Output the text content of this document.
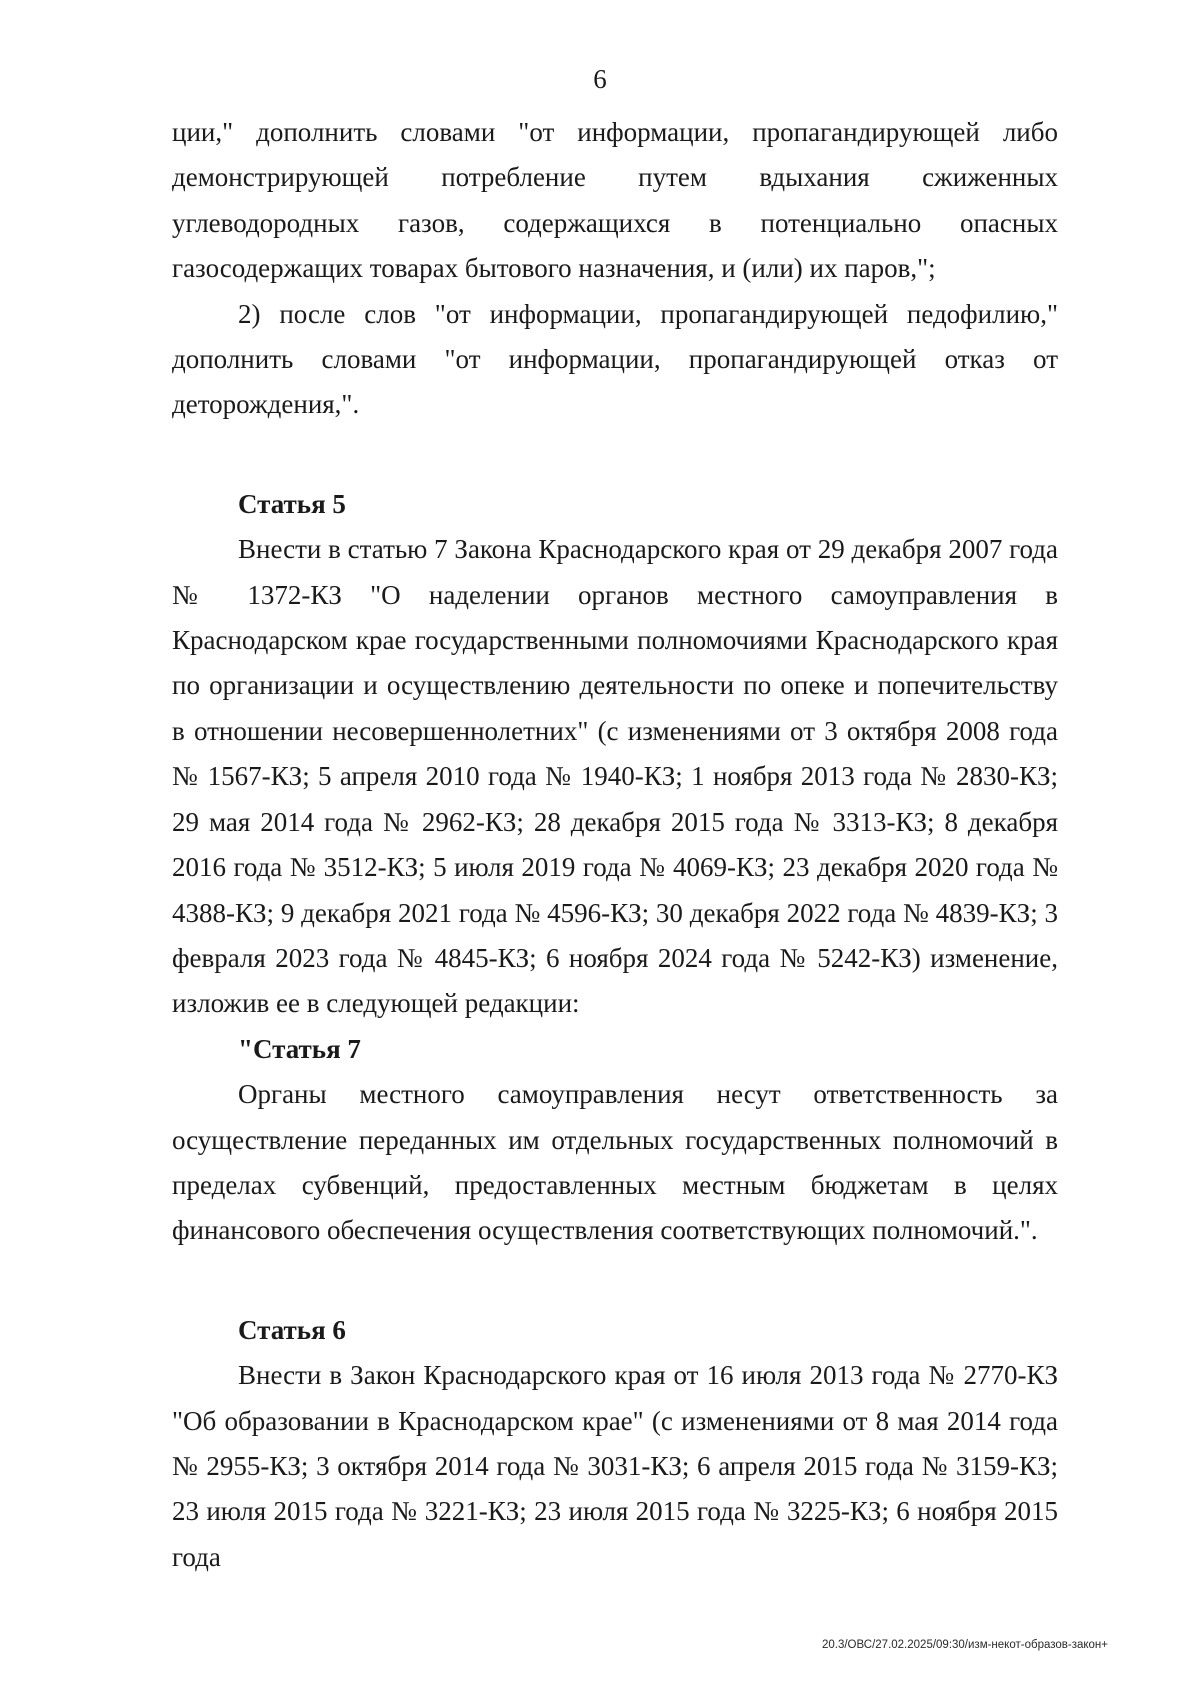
6

ции," дополнить словами "от информации, пропагандирующей либо демонстрирующей потребление путем вдыхания сжиженных углеводородных газов, содержащихся в потенциально опасных газосодержащих товарах бытового назначения, и (или) их паров,";

2) после слов "от информации, пропагандирующей педофилию," дополнить словами "от информации, пропагандирующей отказ от деторождения,".

Статья 5

Внести в статью 7 Закона Краснодарского края от 29 декабря 2007 года № 1372-КЗ "О наделении органов местного самоуправления в Краснодарском крае государственными полномочиями Краснодарского края по организации и осуществлению деятельности по опеке и попечительству в отношении несовершеннолетних" (с изменениями от 3 октября 2008 года № 1567-КЗ; 5 апреля 2010 года № 1940-КЗ; 1 ноября 2013 года № 2830-КЗ; 29 мая 2014 года № 2962-КЗ; 28 декабря 2015 года № 3313-КЗ; 8 декабря 2016 года № 3512-КЗ; 5 июля 2019 года № 4069-КЗ; 23 декабря 2020 года № 4388-КЗ; 9 декабря 2021 года № 4596-КЗ; 30 декабря 2022 года № 4839-КЗ; 3 февраля 2023 года № 4845-КЗ; 6 ноября 2024 года № 5242-КЗ) изменение, изложив ее в следующей редакции:

"Статья 7

Органы местного самоуправления несут ответственность за осуществление переданных им отдельных государственных полномочий в пределах субвенций, предоставленных местным бюджетам в целях финансового обеспечения осуществления соответствующих полномочий.".

Статья 6

Внести в Закон Краснодарского края от 16 июля 2013 года № 2770-КЗ "Об образовании в Краснодарском крае" (с изменениями от 8 мая 2014 года № 2955-КЗ; 3 октября 2014 года № 3031-КЗ; 6 апреля 2015 года № 3159-КЗ; 23 июля 2015 года № 3221-КЗ; 23 июля 2015 года № 3225-КЗ; 6 ноября 2015 года

20.3/ОВС/27.02.2025/09:30/изм-некот-образов-закон+
